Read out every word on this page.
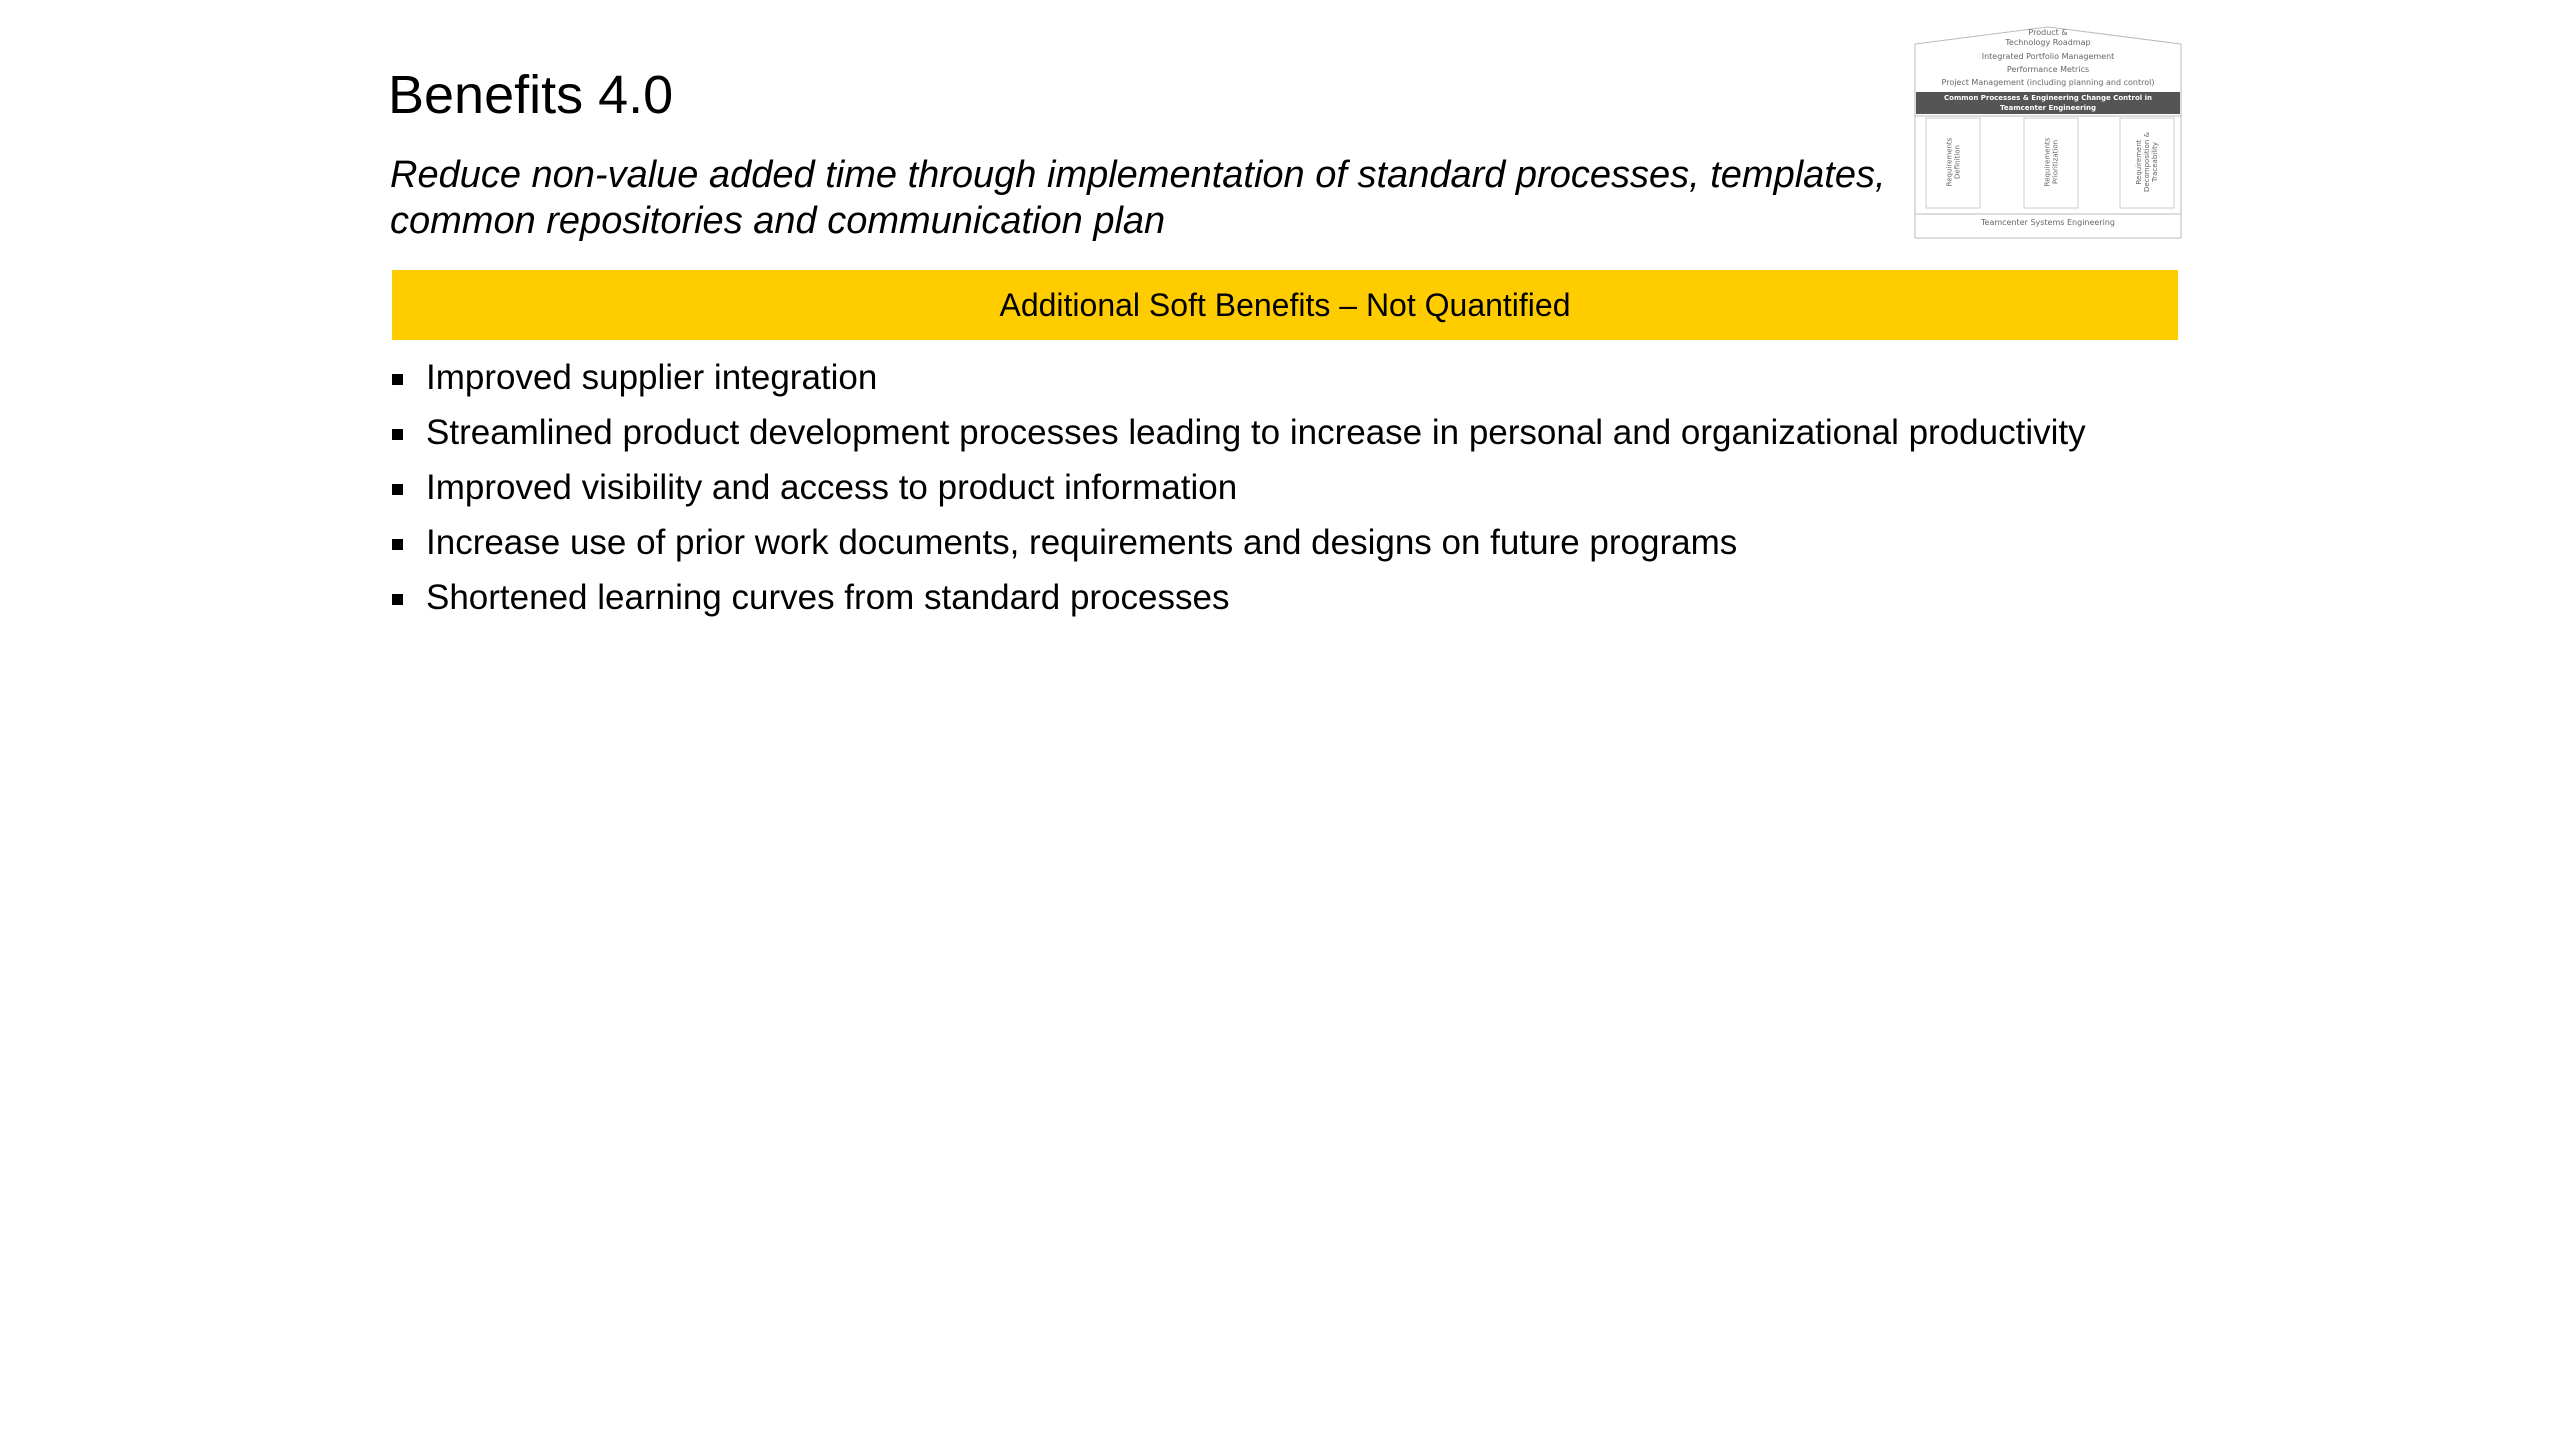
Benefits 4.0
Reduce non-value added time through implementation of standard processes, templates,
common repositories and communication plan
Product &
Technology Roadmap
Integrated Portfolio Management
Performance Metrics
Project Management (including planning and control)
Common Processes & Engineering Change Control in
Teamcenter Engineering
Requirements
Definition	Requirements
Prioritization	Requirement
Decomposition &
Traceability
Teamcenter Systems Engineering
Additional Soft Benefits – Not Quantified
Improved supplier integration
Streamlined product development processes leading to increase in personal and organizational productivity
Improved visibility and access to product information
Increase use of prior work documents, requirements and designs on future programs
Shortened learning curves from standard processes
